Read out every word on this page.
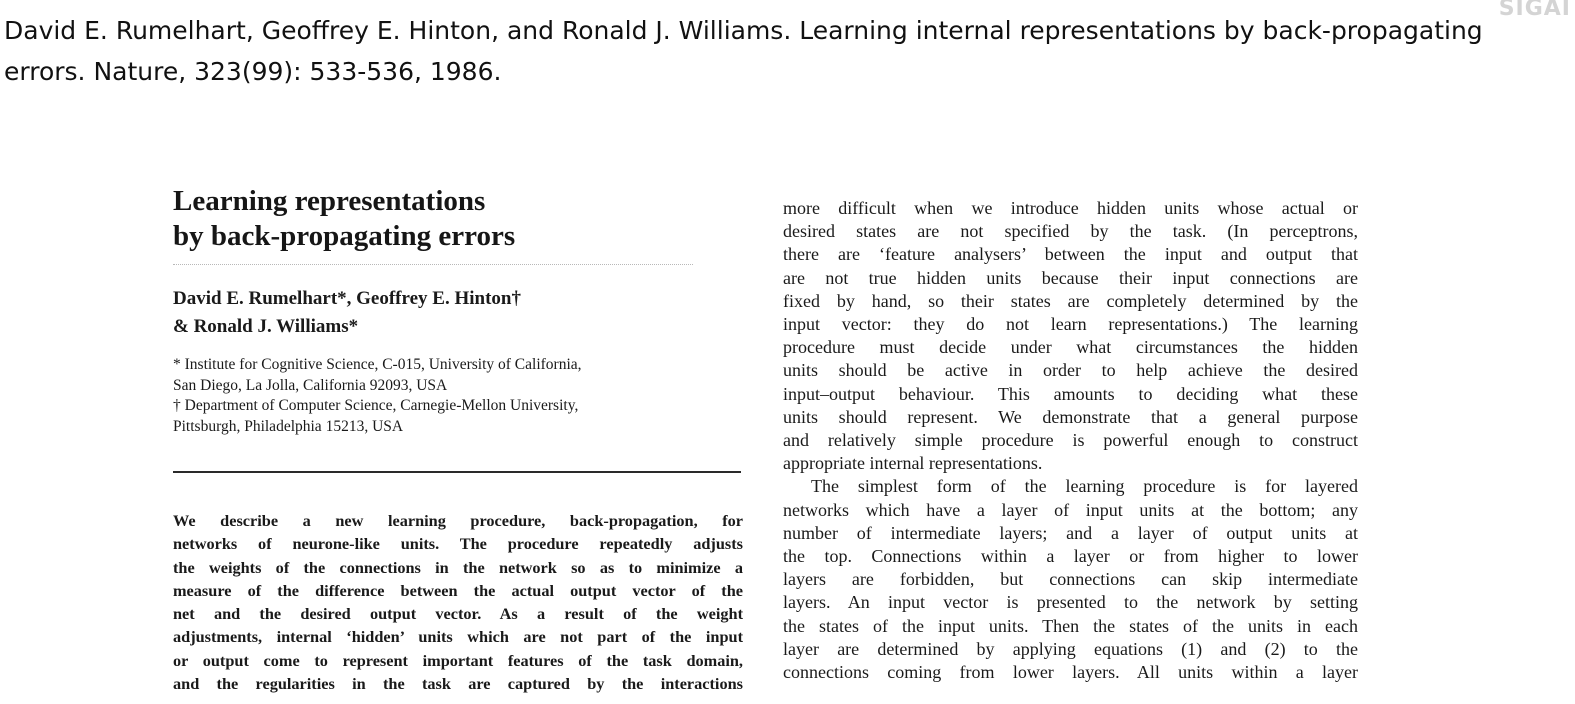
David E. Rumelhart, Geoffrey E. Hinton, and Ronald J. Williams. Learning internal representations by back-propagating errors. Nature, 323(99): 533-536, 1986.
SIGAI
Learning representations
by back-propagating errors
David E. Rumelhart*, Geoffrey E. Hinton†
& Ronald J. Williams*
* Institute for Cognitive Science, C-015, University of California,
San Diego, La Jolla, California 92093, USA
† Department of Computer Science, Carnegie-Mellon University,
Pittsburgh, Philadelphia 15213, USA
We describe a new learning procedure, back-propagation, for
networks of neurone-like units. The procedure repeatedly adjusts
the weights of the connections in the network so as to minimize a
measure of the difference between the actual output vector of the
net and the desired output vector. As a result of the weight
adjustments, internal ‘hidden’ units which are not part of the input
or output come to represent important features of the task domain,
and the regularities in the task are captured by the interactions

more difficult when we introduce hidden units whose actual or
desired states are not specified by the task. (In perceptrons,
there are ‘feature analysers’ between the input and output that
are not true hidden units because their input connections are
fixed by hand, so their states are completely determined by the
input vector: they do not learn representations.) The learning
procedure must decide under what circumstances the hidden
units should be active in order to help achieve the desired
input–output behaviour. This amounts to deciding what these
units should represent. We demonstrate that a general purpose
and relatively simple procedure is powerful enough to construct
appropriate internal representations.

The simplest form of the learning procedure is for layered

networks which have a layer of input units at the bottom; any
number of intermediate layers; and a layer of output units at
the top. Connections within a layer or from higher to lower
layers are forbidden, but connections can skip intermediate
layers. An input vector is presented to the network by setting
the states of the input units. Then the states of the units in each
layer are determined by applying equations (1) and (2) to the
connections coming from lower layers. All units within a layer
